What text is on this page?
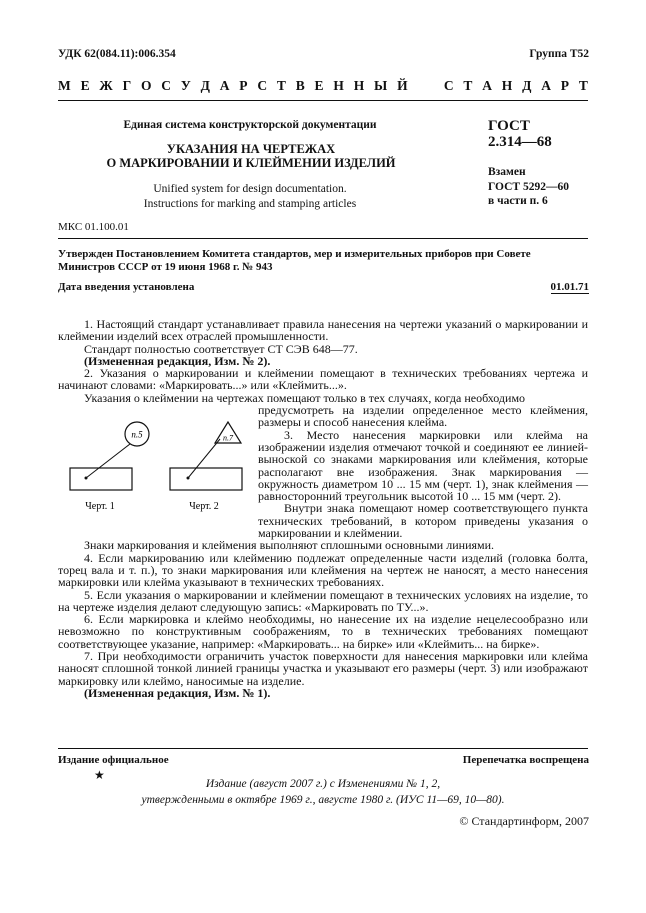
УДК 62(084.11):006.354	Группа Т52
М Е Ж Г О С У Д А Р С Т В Е Н Н Ы Й

	С Т А Н Д А Р Т
Единая система конструкторской документации
УКАЗАНИЯ НА ЧЕРТЕЖАХ
О МАРКИРОВАНИИ И КЛЕЙМЕНИИ ИЗДЕЛИЙ
Unified system for design documentation.
Instructions for marking and stamping articles
ГОСТ
2.314—68
Взамен
ГОСТ 5292—60
в части п. 6
МКС 01.100.01
Утвержден Постановлением Комитета стандартов, мер и измерительных приборов при Совете Министров СССР от 19 июня 1968 г. № 943
Дата введения установлена	01.01.71

1. Настоящий стандарт устанавливает правила нанесения на чертежи указаний о маркировании и клеймении изделий всех отраслей промышленности.

Стандарт полностью соответствует СТ СЭВ 648—77.

(Измененная редакция, Изм. № 2).

2. Указания о маркировании и клеймении помещают в технических требованиях чертежа и начинают словами: «Маркировать...» или «Клеймить...».

Указания о клеймении на чертежах помещают только в тех случаях, когда необходимо

предусмотреть на изделии определенное место клеймения, размеры и способ нанесения клейма.

3. Место нанесения маркировки или клейма на изображении изделия отмечают точкой и соединяют ее линией-выноской со знаками маркирования или клеймения, которые располагают вне изображения. Знак маркирования — окружность диаметром 10 ... 15 мм (черт. 1), знак клеймения — равносторонний треугольник высотой 10 ... 15 мм (черт. 2).

Внутри знака помещают номер соответствующего пункта технических требований, в котором приведены указания о маркировании и клеймении.

Знаки маркирования и клеймения выполняют сплошными основными линиями.

4. Если маркированию или клеймению подлежат определенные части изделий (головка болта, торец вала и т. п.), то знаки маркирования или клеймения на чертеж не наносят, а место нанесения маркировки или клейма указывают в технических требованиях.

5. Если указания о маркировании и клеймении помещают в технических условиях на изделие, то на чертеже изделия делают следующую запись: «Маркировать по ТУ...».

6. Если маркировка и клеймо необходимы, но нанесение их на изделие нецелесообразно или невозможно по конструктивным соображениям, то в технических требованиях помещают соответствующее указание, например: «Маркировать... на бирке» или «Клеймить... на бирке».

7. При необходимости ограничить участок поверхности для нанесения маркировки или клейма наносят сплошной тонкой линией границы участка и указывают его размеры (черт. 3) или изображают маркировку или клеймо, наносимые на изделие.

(Измененная редакция, Изм. № 1).

n.5
Черт. 1
n.7
Черт. 2
Издание официальное	Перепечатка воспрещена
★
Издание (август 2007 г.) с Изменениями № 1, 2,
утвержденными в октябре 1969 г., августе 1980 г. (ИУС 11—69, 10—80).
© Стандартинформ, 2007
